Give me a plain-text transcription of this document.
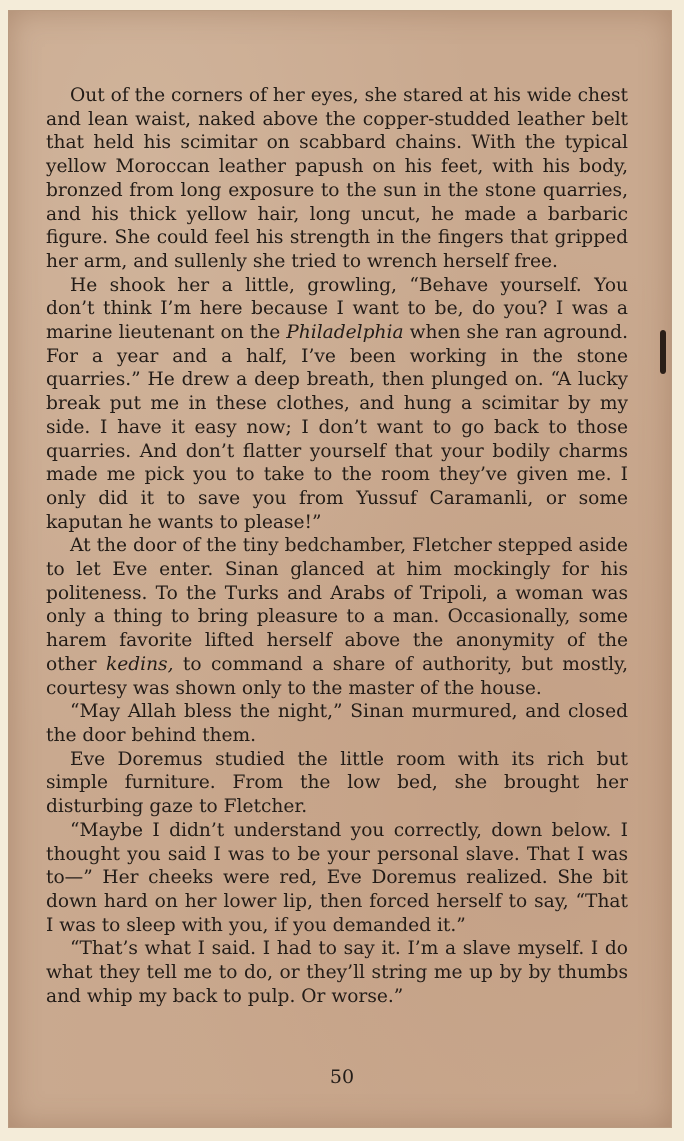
Out of the corners of her eyes, she stared at his wide chest and lean waist, naked above the copper-studded leather belt that held his scimitar on scabbard chains. With the typical yellow Moroccan leather papush on his feet, with his body, bronzed from long exposure to the sun in the stone quarries, and his thick yellow hair, long uncut, he made a barbaric figure. She could feel his strength in the fingers that gripped her arm, and sullenly she tried to wrench herself free.

He shook her a little, growling, “Behave yourself. You don’t think I’m here because I want to be, do you? I was a marine lieutenant on the Philadelphia when she ran aground. For a year and a half, I’ve been working in the stone quarries.” He drew a deep breath, then plunged on. “A lucky break put me in these clothes, and hung a scimitar by my side. I have it easy now; I don’t want to go back to those quarries. And don’t flatter yourself that your bodily charms made me pick you to take to the room they’ve given me. I only did it to save you from Yussuf Caramanli, or some kaputan he wants to please!”

At the door of the tiny bedchamber, Fletcher stepped aside to let Eve enter. Sinan glanced at him mockingly for his politeness. To the Turks and Arabs of Tripoli, a woman was only a thing to bring pleasure to a man. Occasionally, some harem favorite lifted herself above the anonymity of the other kedins, to command a share of authority, but mostly, courtesy was shown only to the master of the house.

“May Allah bless the night,” Sinan murmured, and closed the door behind them.

Eve Doremus studied the little room with its rich but simple furniture. From the low bed, she brought her disturbing gaze to Fletcher.

“Maybe I didn’t understand you correctly, down below. I thought you said I was to be your personal slave. That I was to—” Her cheeks were red, Eve Doremus realized. She bit down hard on her lower lip, then forced herself to say, “That I was to sleep with you, if you demanded it.”

“That’s what I said. I had to say it. I’m a slave myself. I do what they tell me to do, or they’ll string me up by by thumbs and whip my back to pulp. Or worse.”

50
